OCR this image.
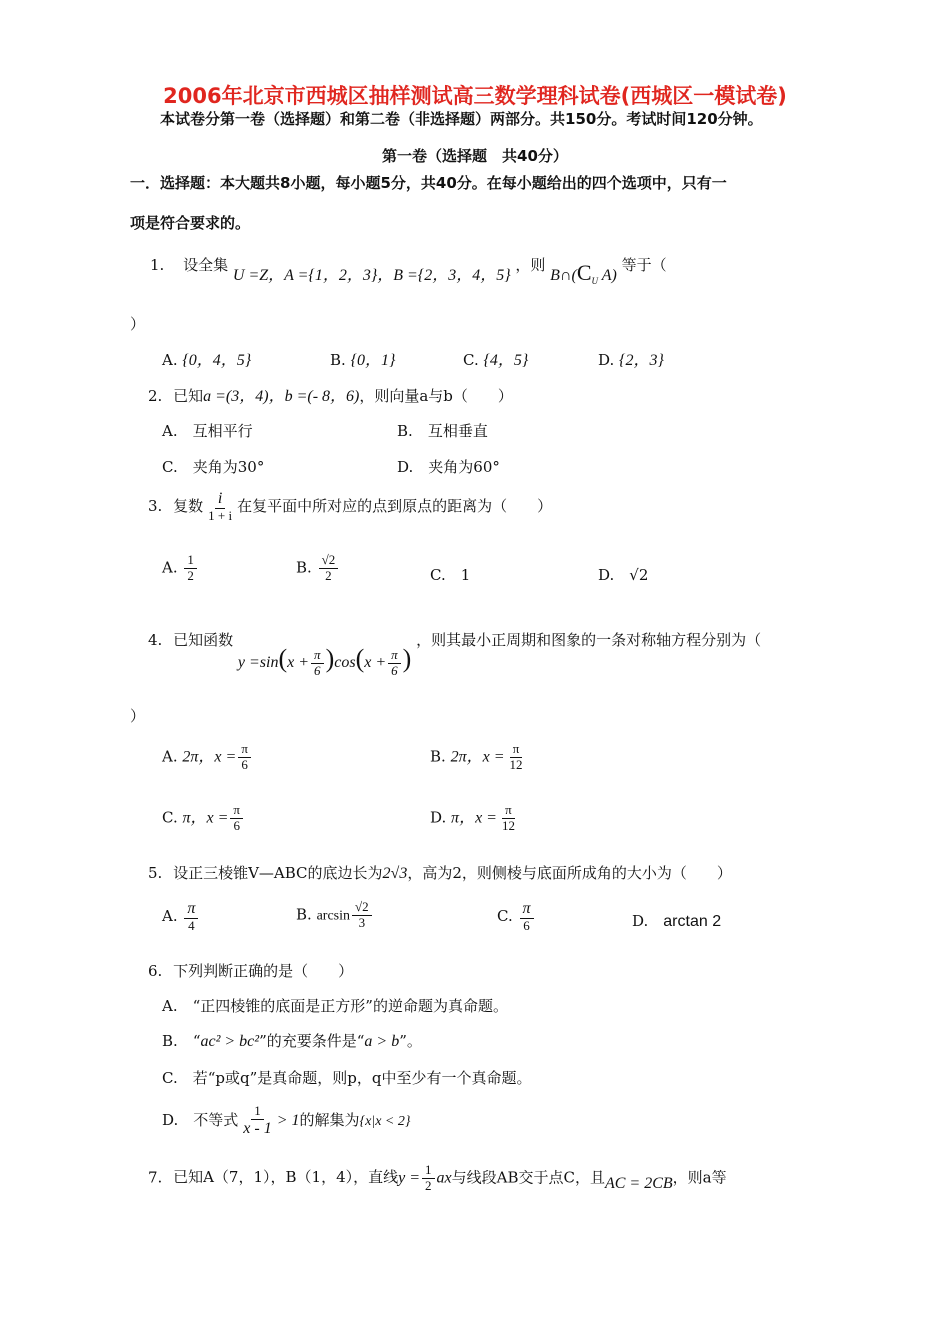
2006年北京市西城区抽样测试高三数学理科试卷(西城区一模试卷)
本试卷分第一卷（选择题）和第二卷（非选择题）两部分。共150分。考试时间120分钟。
第一卷（选择题　共40分）
一．选择题：本大题共8小题，每小题5分，共40分。在每小题给出的四个选项中，只有一
项是符合要求的。
1. 设全集 U =Z，A ={1，2，3}，B ={2，3，4，5} ，则 $B\cap(C_U$ A) 等于（
）
A. {0，4，5}	B. {0，1}	C. {4，5}	D. {2，3}
2. 已知a =(3，4)，b =(- 8，6)，则向量a与b（　　）
A.　 互相平行	B.　 互相垂直
C.　 夹角为30°	D.　 夹角为60°
3. 复数 $\frac{i}{1 + i}$ 在复平面中所对应的点到原点的距离为（　　）
A. $\frac{1}{2}$	B. $\frac{√2}{2}$	C.　 1	D.　 √2
4. 已知函数 $y =\sin(x + \frac{\pi}{6} )\cos(x + \frac{\pi}{6}$ ) ，则其最小正周期和图象的一条对称轴方程分别为（
）
A. 2π，$x = \frac{\pi}{6}$	B. 2π，$x = \frac{\pi}{12}$
C. π，$x = \frac{\pi}{6}$	D. π，$x = \frac{\pi}{12}$
5. 设正三棱锥V—ABC的底边长为2√3，高为2，则侧棱与底面所成角的大小为（　　）
A. $\frac{\pi}{4}$	B. $\arcsin \frac{√2}{3}$	C. $\frac{\pi}{6}$	D.　 arctan 2
6. 下列判断正确的是（　　）
A.　 “正四棱锥的底面是正方形”的逆命题为真命题。
B.　 “ac² > bc²”的充要条件是“a > b”。
C.　 若“p或q”是真命题，则p，q中至少有一个真命题。
D.　 不等式 $\frac{1}{x - 1} > 1$的解集为{x|x < 2}
7. 已知A（7，1），B（1，4），直线$y = \frac{1}{2}$ ax与线段AB交于点C，且AC = 2CB，则a等
